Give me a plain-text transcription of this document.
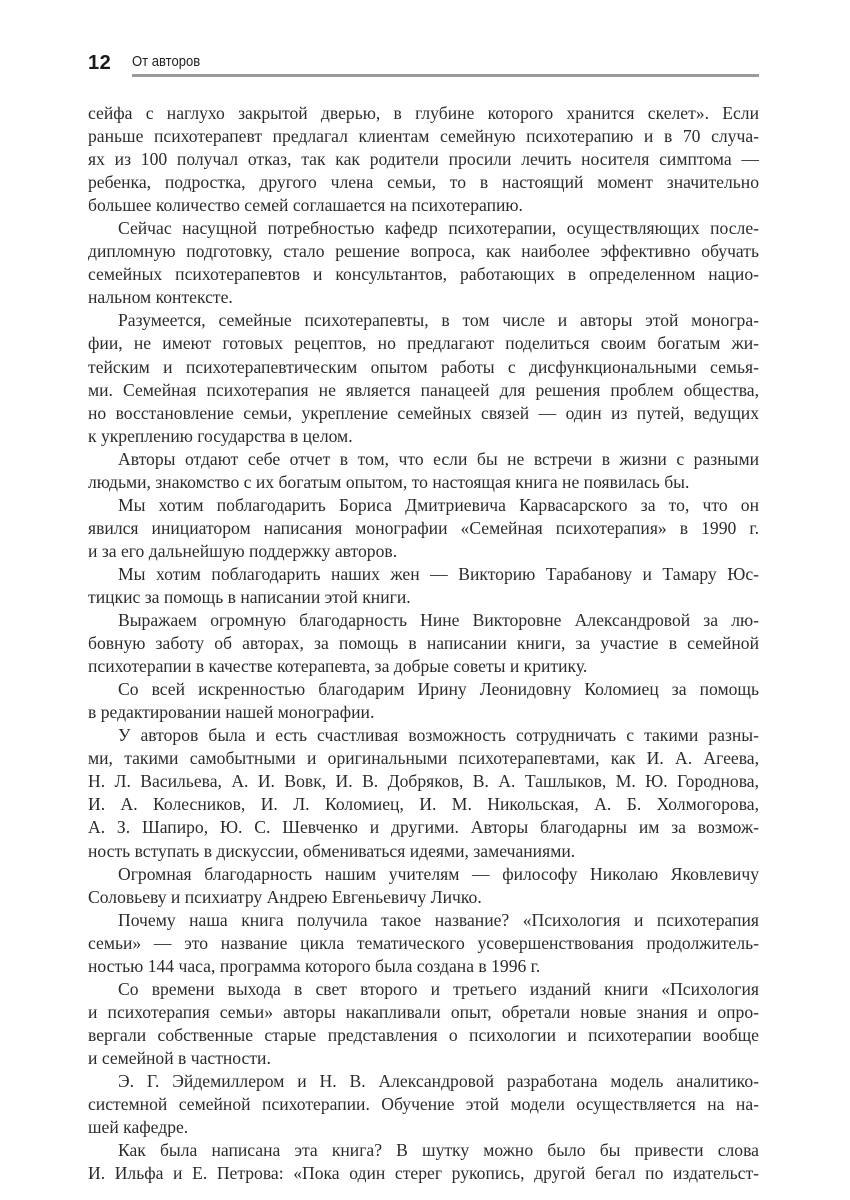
12 От авторов
сейфа с наглухо закрытой дверью, в глубине которого хранится скелет». Если
раньше психотерапевт предлагал клиентам семейную психотерапию и в 70 случа-
ях из 100 получал отказ, так как родители просили лечить носителя симптома —
ребенка, подростка, другого члена семьи, то в настоящий момент значительно
большее количество семей соглашается на психотерапию.
Сейчас насущной потребностью кафедр психотерапии, осуществляющих после-
дипломную подготовку, стало решение вопроса, как наиболее эффективно обучать
семейных психотерапевтов и консультантов, работающих в определенном нацио-
нальном контексте.
Разумеется, семейные психотерапевты, в том числе и авторы этой моногра-
фии, не имеют готовых рецептов, но предлагают поделиться своим богатым жи-
тейским и психотерапевтическим опытом работы с дисфункциональными семья-
ми. Семейная психотерапия не является панацеей для решения проблем общества,
но восстановление семьи, укрепление семейных связей — один из путей, ведущих
к укреплению государства в целом.
Авторы отдают себе отчет в том, что если бы не встречи в жизни с разными
людьми, знакомство с их богатым опытом, то настоящая книга не появилась бы.
Мы хотим поблагодарить Бориса Дмитриевича Карвасарского за то, что он
явился инициатором написания монографии «Семейная психотерапия» в 1990 г.
и за его дальнейшую поддержку авторов.
Мы хотим поблагодарить наших жен — Викторию Тарабанову и Тамару Юс-
тицкис за помощь в написании этой книги.
Выражаем огромную благодарность Нине Викторовне Александровой за лю-
бовную заботу об авторах, за помощь в написании книги, за участие в семейной
психотерапии в качестве котерапевта, за добрые советы и критику.
Со всей искренностью благодарим Ирину Леонидовну Коломиец за помощь
в редактировании нашей монографии.
У авторов была и есть счастливая возможность сотрудничать с такими разны-
ми, такими самобытными и оригинальными психотерапевтами, как И. А. Агеева,
Н. Л. Васильева, А. И. Вовк, И. В. Добряков, В. А. Ташлыков, М. Ю. Городнова,
И. А. Колесников, И. Л. Коломиец, И. М. Никольская, А. Б. Холмогорова,
А. З. Шапиро, Ю. С. Шевченко и другими. Авторы благодарны им за возмож-
ность вступать в дискуссии, обмениваться идеями, замечаниями.
Огромная благодарность нашим учителям — философу Николаю Яковлевичу
Соловьеву и психиатру Андрею Евгеньевичу Личко.
Почему наша книга получила такое название? «Психология и психотерапия
семьи» — это название цикла тематического усовершенствования продолжитель-
ностью 144 часа, программа которого была создана в 1996 г.
Со времени выхода в свет второго и третьего изданий книги «Психология
и психотерапия семьи» авторы накапливали опыт, обретали новые знания и опро-
вергали собственные старые представления о психологии и психотерапии вообще
и семейной в частности.
Э. Г. Эйдемиллером и Н. В. Александровой разработана модель аналитико-
системной семейной психотерапии. Обучение этой модели осуществляется на на-
шей кафедре.
Как была написана эта книга? В шутку можно было бы привести слова
И. Ильфа и Е. Петрова: «Пока один стерег рукопись, другой бегал по издательст-
